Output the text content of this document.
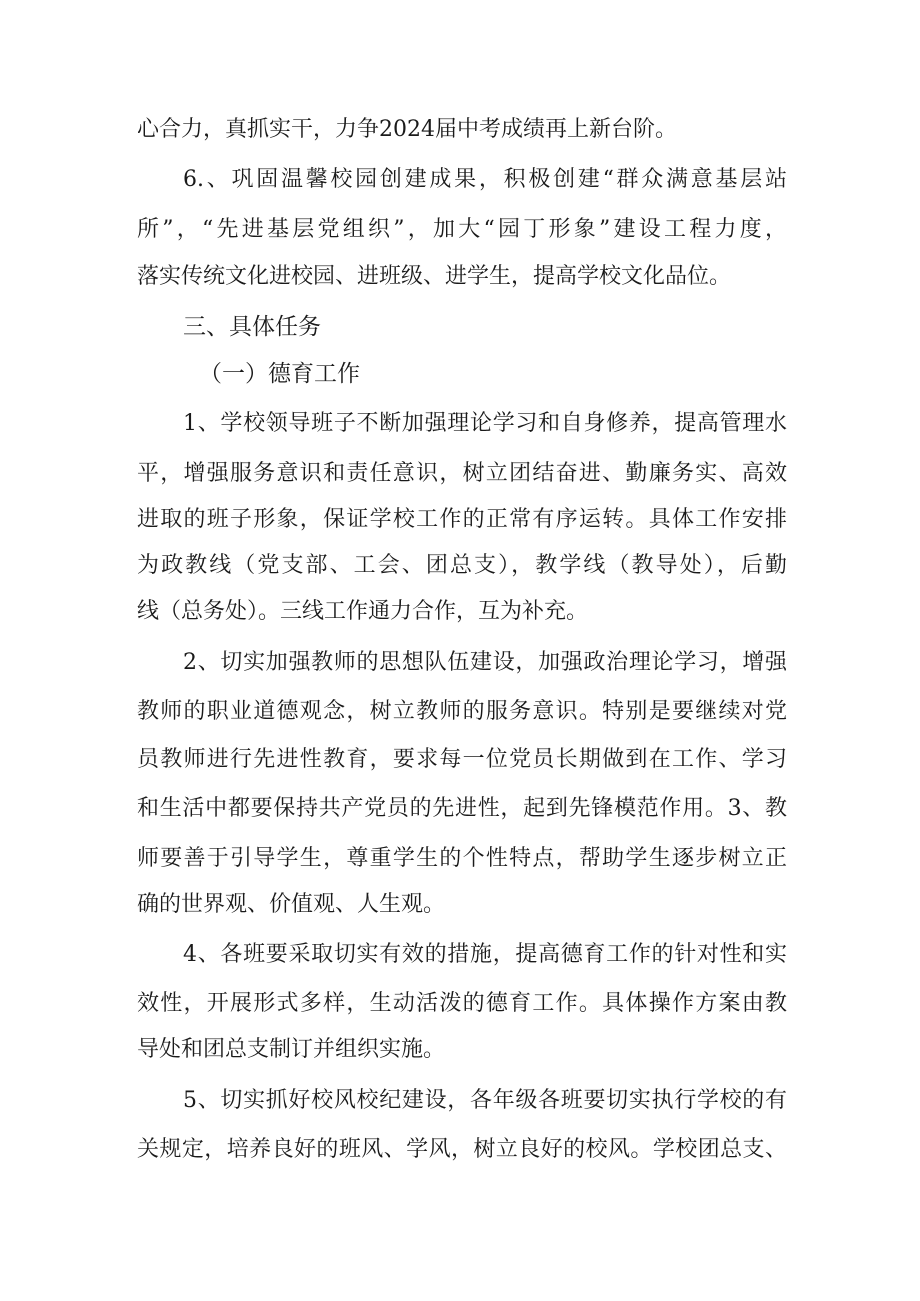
心合力，真抓实干，力争2024届中考成绩再上新台阶。
6.、巩固温馨校园创建成果，积极创建“群众满意基层站
所”，“先进基层党组织”，加大“园丁形象”建设工程力度，
落实传统文化进校园、进班级、进学生，提高学校文化品位。
三、具体任务
（一）德育工作
1、学校领导班子不断加强理论学习和自身修养，提高管理水
平，增强服务意识和责任意识，树立团结奋进、勤廉务实、高效
进取的班子形象，保证学校工作的正常有序运转。具体工作安排
为政教线（党支部、工会、团总支），教学线（教导处），后勤
线（总务处）。三线工作通力合作，互为补充。
2、切实加强教师的思想队伍建设，加强政治理论学习，增强
教师的职业道德观念，树立教师的服务意识。特别是要继续对党
员教师进行先进性教育，要求每一位党员长期做到在工作、学习
和生活中都要保持共产党员的先进性，起到先锋模范作用。3、教
师要善于引导学生，尊重学生的个性特点，帮助学生逐步树立正
确的世界观、价值观、人生观。
4、各班要采取切实有效的措施，提高德育工作的针对性和实
效性，开展形式多样，生动活泼的德育工作。具体操作方案由教
导处和团总支制订并组织实施。
5、切实抓好校风校纪建设，各年级各班要切实执行学校的有
关规定，培养良好的班风、学风，树立良好的校风。学校团总支、
